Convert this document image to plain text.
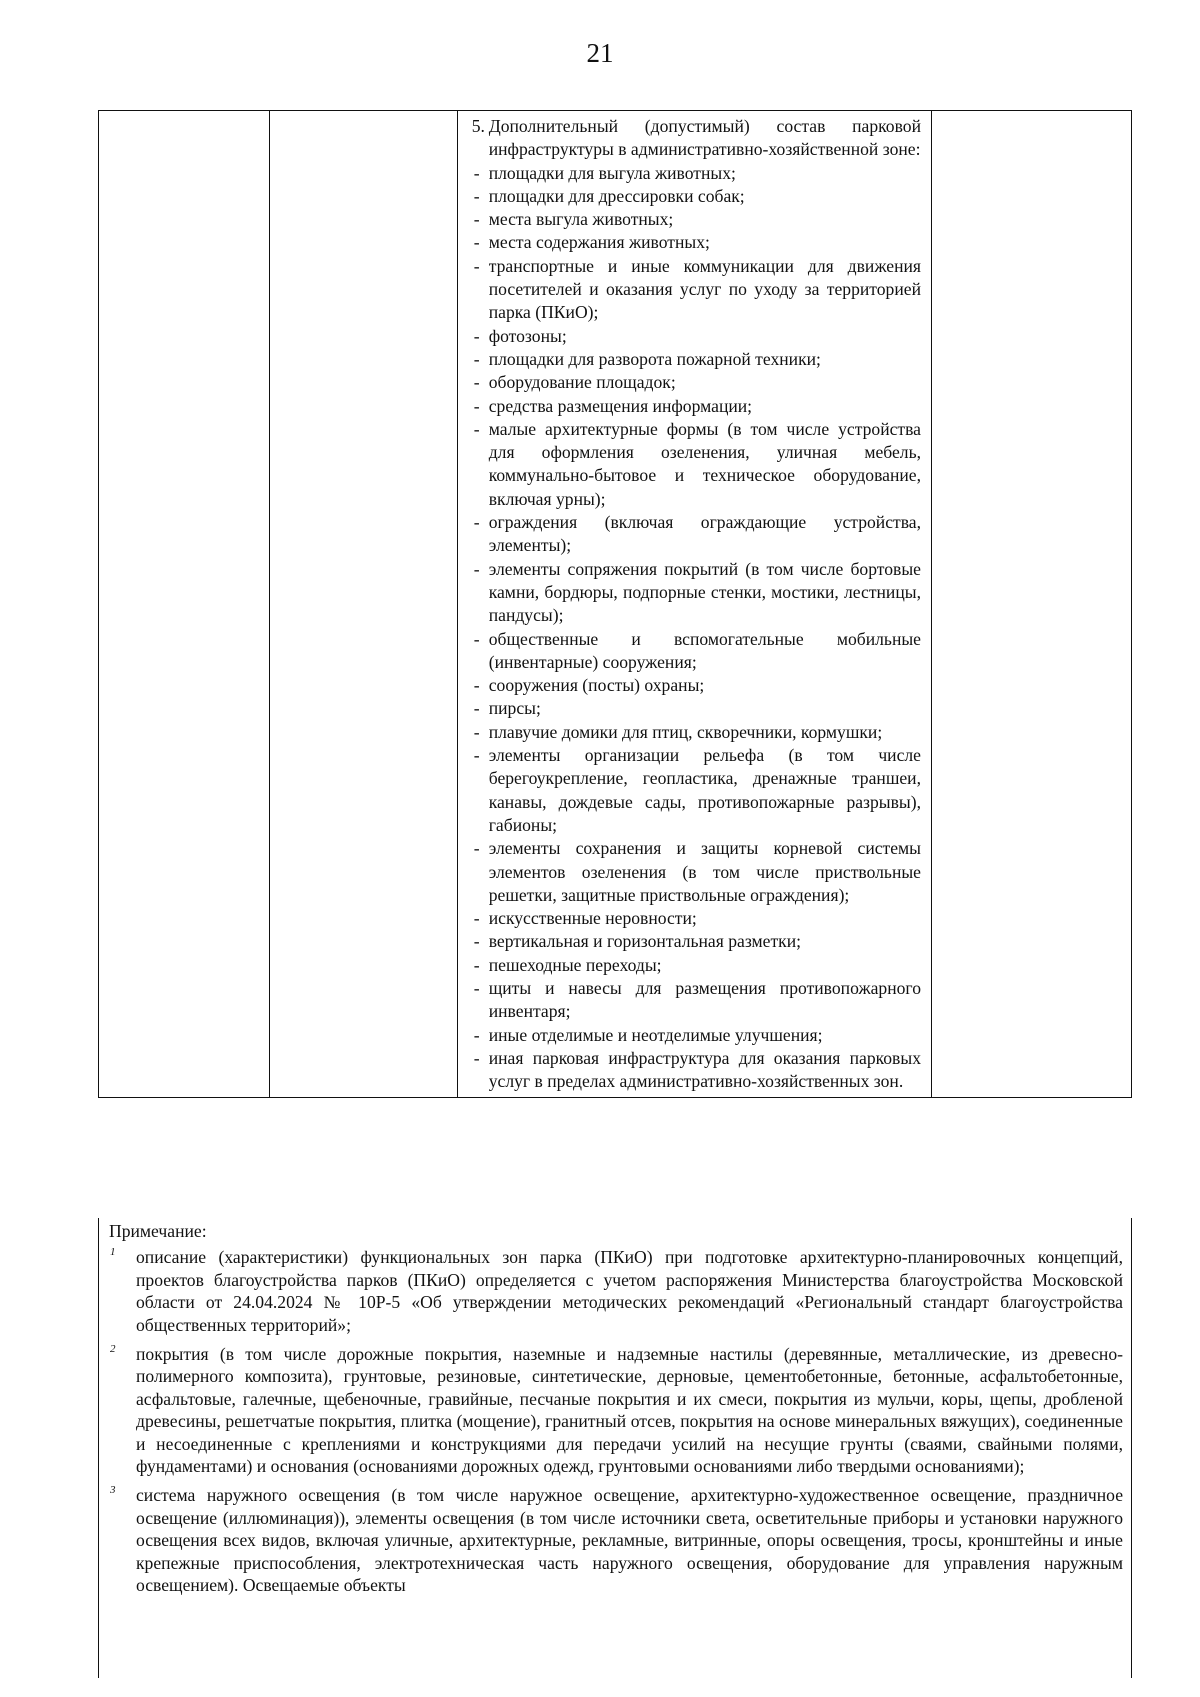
21

5. Дополнительный (допустимый) состав парковой инфраструктуры в административно-хозяйственной зоне:
- площадки для выгула животных;
- площадки для дрессировки собак;
- места выгула животных;
- места содержания животных;
- транспортные и иные коммуникации для движения посетителей и оказания услуг по уходу за территорией парка (ПКиО);
- фотозоны;
- площадки для разворота пожарной техники;
- оборудование площадок;
- средства размещения информации;
- малые архитектурные формы (в том числе устройства для оформления озеленения, уличная мебель, коммунально-бытовое и техническое оборудование, включая урны);
- ограждения (включая ограждающие устройства, элементы);
- элементы сопряжения покрытий (в том числе бортовые камни, бордюры, подпорные стенки, мостики, лестницы, пандусы);
- общественные и вспомогательные мобильные (инвентарные) сооружения;
- сооружения (посты) охраны;
- пирсы;
- плавучие домики для птиц, скворечники, кормушки;
- элементы организации рельефа (в том числе берегоукрепление, геопластика, дренажные траншеи, канавы, дождевые сады, противопожарные разрывы), габионы;
- элементы сохранения и защиты корневой системы элементов озеленения (в том числе приствольные решетки, защитные приствольные ограждения);
- искусственные неровности;
- вертикальная и горизонтальная разметки;
- пешеходные переходы;
- щиты и навесы для размещения противопожарного инвентаря;
- иные отделимые и неотделимые улучшения;
- иная парковая инфраструктура для оказания парковых услуг в пределах административно-хозяйственных зон.

Примечание:
1 описание (характеристики) функциональных зон парка (ПКиО) при подготовке архитектурно-планировочных концепций, проектов благоустройства парков (ПКиО) определяется с учетом распоряжения Министерства благоустройства Московской области от 24.04.2024 № 10Р-5 «Об утверждении методических рекомендаций «Региональный стандарт благоустройства общественных территорий»;
2 покрытия (в том числе дорожные покрытия, наземные и надземные настилы (деревянные, металлические, из древесно-полимерного композита), грунтовые, резиновые, синтетические, дерновые, цементобетонные, бетонные, асфальтобетонные, асфальтовые, галечные, щебеночные, гравийные, песчаные покрытия и их смеси, покрытия из мульчи, коры, щепы, дробленой древесины, решетчатые покрытия, плитка (мощение), гранитный отсев, покрытия на основе минеральных вяжущих), соединенные и несоединенные с креплениями и конструкциями для передачи усилий на несущие грунты (сваями, свайными полями, фундаментами) и основания (основаниями дорожных одежд, грунтовыми основаниями либо твердыми основаниями);
3 система наружного освещения (в том числе наружное освещение, архитектурно-художественное освещение, праздничное освещение (иллюминация)), элементы освещения (в том числе источники света, осветительные приборы и установки наружного освещения всех видов, включая уличные, архитектурные, рекламные, витринные, опоры освещения, тросы, кронштейны и иные крепежные приспособления, электротехническая часть наружного освещения, оборудование для управления наружным освещением). Освещаемые объекты
